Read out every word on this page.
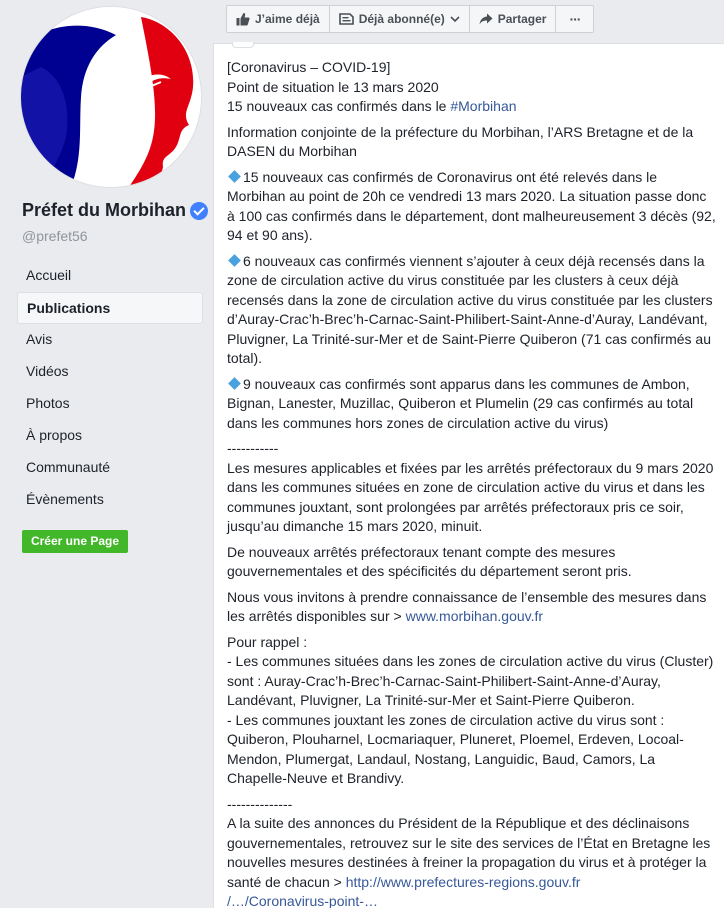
Préfet du Morbihan
@prefet56
Accueil
Publications
Avis
Vidéos
Photos
À propos
Communauté
Évènements
Créer une Page
J’aime déjà	Déjà abonné(e)	Partager ···

[Coronavirus – COVID-19]
Point de situation le 13 mars 2020
15 nouveaux cas confirmés dans le #Morbihan

Information conjointe de la préfecture du Morbihan, l’ARS Bretagne et de la DASEN du Morbihan

15 nouveaux cas confirmés de Coronavirus ont été relevés dans le Morbihan au point de 20h ce vendredi 13 mars 2020. La situation passe donc à 100 cas confirmés dans le département, dont malheureusement 3 décès (92, 94 et 90 ans).

6 nouveaux cas confirmés viennent s’ajouter à ceux déjà recensés dans la zone de circulation active du virus constituée par les clusters à ceux déjà recensés dans la zone de circulation active du virus constituée par les clusters d’Auray-Crac’h-Brec’h-Carnac-Saint-Philibert-Saint-Anne-d’Auray, Landévant, Pluvigner, La Trinité-sur-Mer et de Saint-Pierre Quiberon (71 cas confirmés au total).

9 nouveaux cas confirmés sont apparus dans les communes de Ambon, Bignan, Lanester, Muzillac, Quiberon et Plumelin (29 cas confirmés au total dans les communes hors zones de circulation active du virus)

-----------
Les mesures applicables et fixées par les arrêtés préfectoraux du 9 mars 2020 dans les communes situées en zone de circulation active du virus et dans les communes jouxtant, sont prolongées par arrêtés préfectoraux pris ce soir, jusqu’au dimanche 15 mars 2020, minuit.

De nouveaux arrêtés préfectoraux tenant compte des mesures gouvernementales et des spécificités du département seront pris.

Nous vous invitons à prendre connaissance de l’ensemble des mesures dans les arrêtés disponibles sur > www.morbihan.gouv.fr

Pour rappel :
- Les communes situées dans les zones de circulation active du virus (Cluster) sont : Auray-Crac’h-Brec’h-Carnac-Saint-Philibert-Saint-Anne-d’Auray, Landévant, Pluvigner, La Trinité-sur-Mer et Saint-Pierre Quiberon.
- Les communes jouxtant les zones de circulation active du virus sont : Quiberon, Plouharnel, Locmariaquer, Pluneret, Ploemel, Erdeven, Locoal-Mendon, Plumergat, Landaul, Nostang, Languidic, Baud, Camors, La Chapelle-Neuve et Brandivy.

--------------
A la suite des annonces du Président de la République et des déclinaisons gouvernementales, retrouvez sur le site des services de l’État en Bretagne les nouvelles mesures destinées à freiner la propagation du virus et à protéger la santé de chacun > http://www.prefectures-regions.gouv.fr
/…/Coronavirus-point-…
